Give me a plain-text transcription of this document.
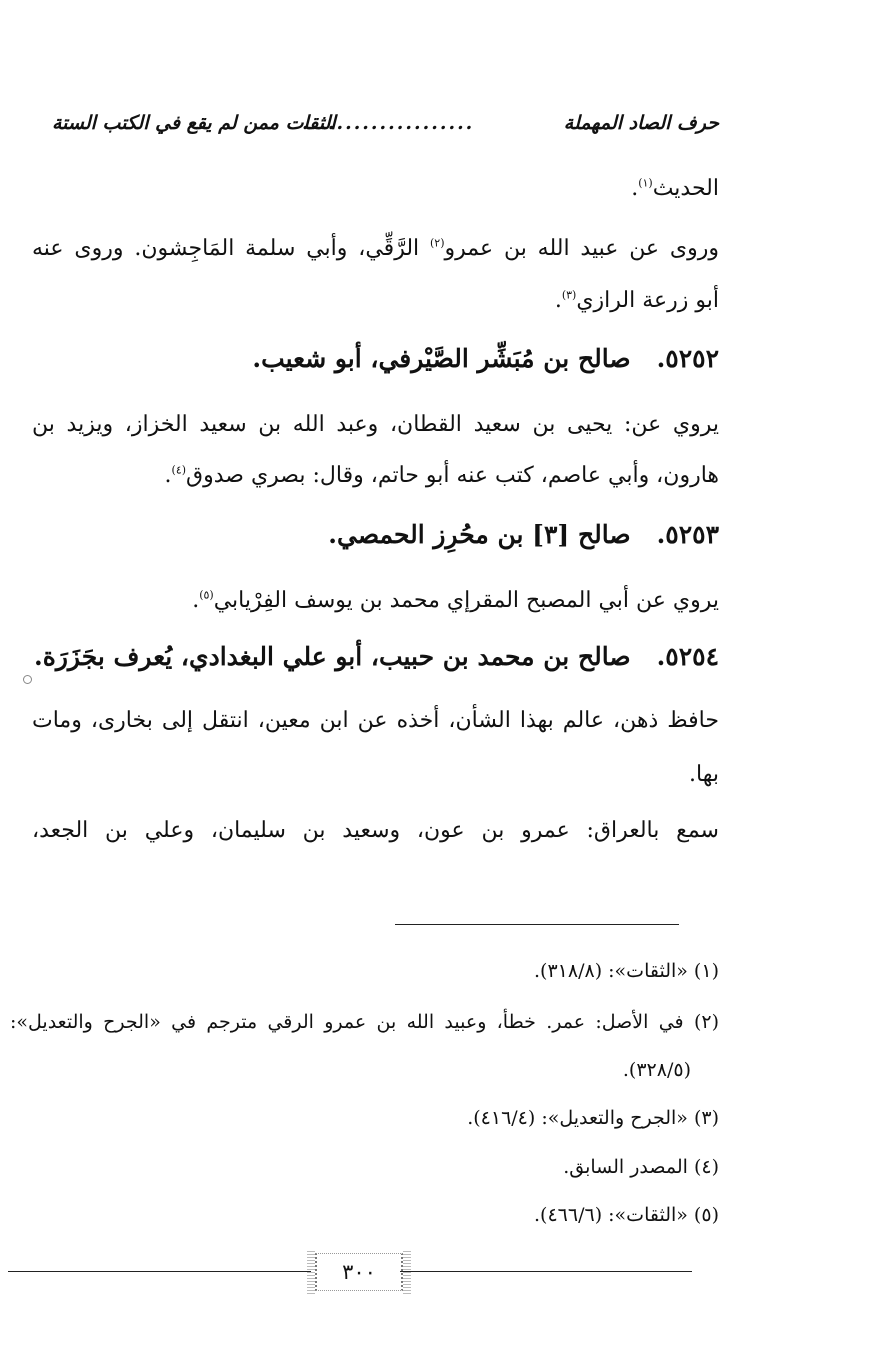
حرف الصاد المهملة
....................
الثقات ممن لم يقع في الكتب الستة
الحديث$^{(١)}$.
وروى عن عبيد الله بن عمرو$^{(٢)}$ الرَّقِّي، وأبي سلمة المَاجِشون. وروى عنه
أبو زرعة الرازي$^{(٣)}$.
٥٢٥٢.صالح بن مُبَشِّر الصَّيْرفي، أبو شعيب.
يروي عن: يحيى بن سعيد القطان، وعبد الله بن سعيد الخزاز، ويزيد بن
هارون، وأبي عاصم، كتب عنه أبو حاتم، وقال: بصري صدوق$^{(٤)}$.
٥٢٥٣.صالح [٣] بن محُرِز الحمصي.
يروي عن أبي المصبح المقرإي محمد بن يوسف الفِرْيابي$^{(٥)}$.
٥٢٥٤.صالح بن محمد بن حبيب، أبو علي البغدادي، يُعرف بجَزَرَة.
حافظ ذهن، عالم بهذا الشأن، أخذه عن ابن معين، انتقل إلى بخارى، ومات
بها.
سمع بالعراق: عمرو بن عون، وسعيد بن سليمان، وعلي بن الجعد،
(١) «الثقات»: (٣١٨/٨).
(٢) في الأصل: عمر. خطأ، وعبيد الله بن عمرو الرقي مترجم في «الجرح والتعديل»:
(٣٢٨/٥).
(٣) «الجرح والتعديل»: (٤١٦/٤).
(٤) المصدر السابق.
(٥) «الثقات»: (٤٦٦/٦).
٣٠٠
